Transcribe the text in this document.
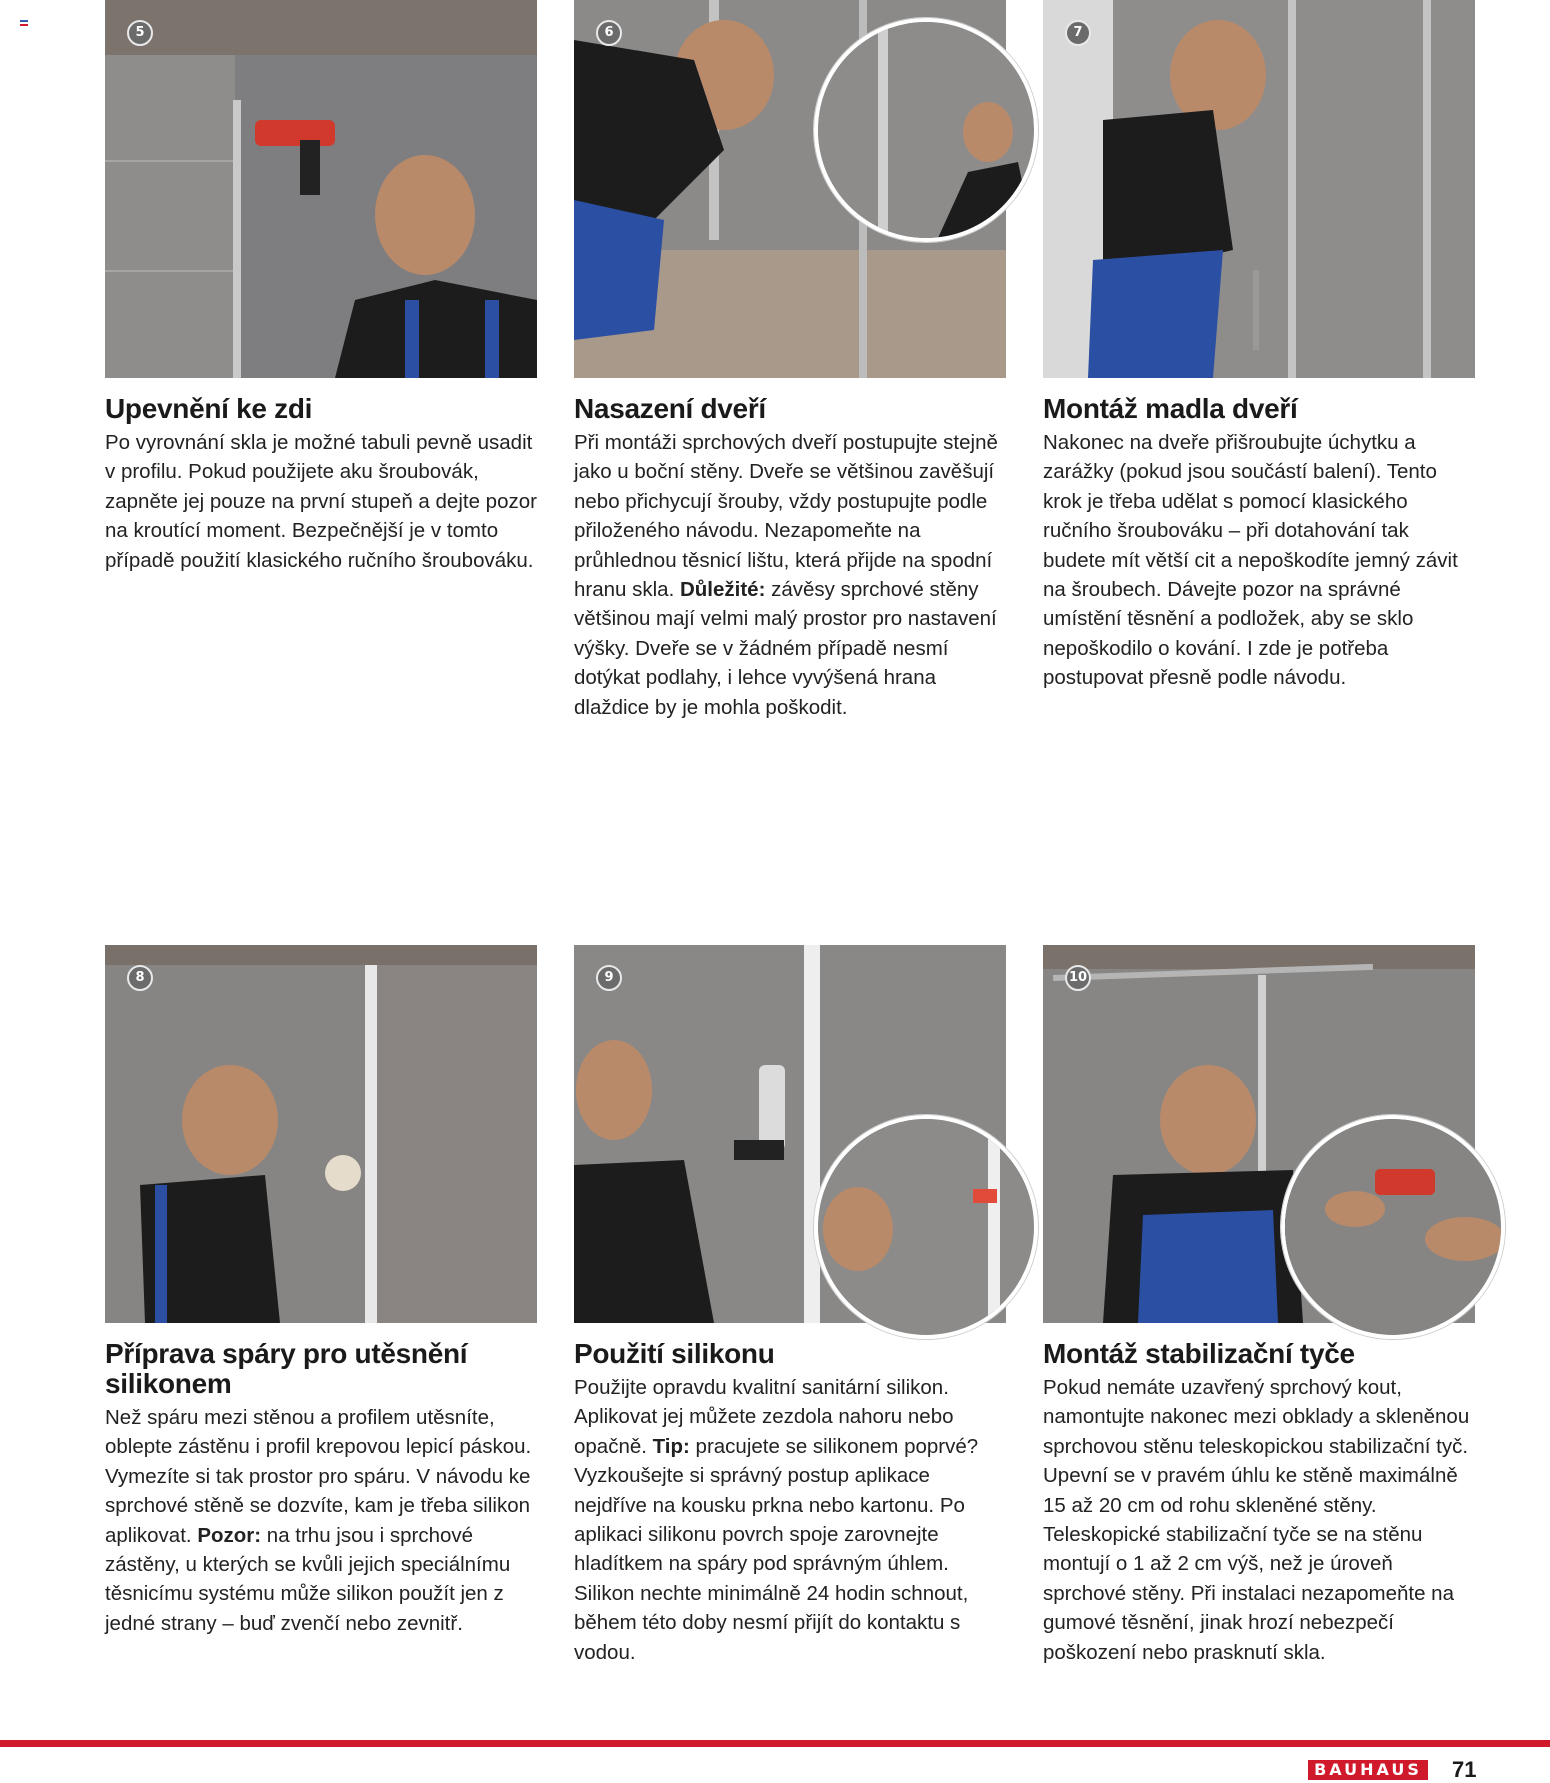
5
Upevnění ke zdi
Po vyrovnání skla je možné tabuli pevně usadit v profilu. Pokud použijete aku šroubovák, zapněte jej pouze na první stupeň a dejte pozor na kroutící moment. Bezpečnější je v tomto případě použití klasického ručního šroubováku.
6
Nasazení dveří
Při montáži sprchových dveří postupujte stejně jako u boční stěny. Dveře se většinou zavěšují nebo přichycují šrouby, vždy postupujte podle přiloženého návodu. Nezapomeňte na průhlednou těsnicí lištu, která přijde na spodní hranu skla. Důležité: závěsy sprchové stěny většinou mají velmi malý prostor pro nastavení výšky. Dveře se v žádném případě nesmí dotýkat podlahy, i lehce vyvýšená hrana dlaždice by je mohla poškodit.
7
Montáž madla dveří
Nakonec na dveře přišroubujte úchytku a zarážky (pokud jsou součástí balení). Tento krok je třeba udělat s pomocí klasického ručního šroubováku – při dotahování tak budete mít větší cit a nepoškodíte jemný závit na šroubech. Dávejte pozor na správné umístění těsnění a podložek, aby se sklo nepoškodilo o kování. I zde je potřeba postupovat přesně podle návodu.
8
Příprava spáry pro utěsnění silikonem
Než spáru mezi stěnou a profilem utěsníte, oblepte zástěnu i profil krepovou lepicí páskou. Vymezíte si tak prostor pro spáru. V návodu ke sprchové stěně se dozvíte, kam je třeba silikon aplikovat. Pozor: na trhu jsou i sprchové zástěny, u kterých se kvůli jejich speciálnímu těsnicímu systému může silikon použít jen z jedné strany – buď zvenčí nebo zevnitř.
9
Použití silikonu
Použijte opravdu kvalitní sanitární silikon. Aplikovat jej můžete zezdola nahoru nebo opačně. Tip: pracujete se silikonem poprvé? Vyzkoušejte si správný postup aplikace nejdříve na kousku prkna nebo kartonu. Po aplikaci silikonu povrch spoje zarovnejte hladítkem na spáry pod správným úhlem. Silikon nechte minimálně 24 hodin schnout, během této doby nesmí přijít do kontaktu s vodou.
10
Montáž stabilizační tyče
Pokud nemáte uzavřený sprchový kout, namontujte nakonec mezi obklady a skleněnou sprchovou stěnu teleskopickou stabilizační tyč. Upevní se v pravém úhlu ke stěně maximálně 15 až 20 cm od rohu skleněné stěny. Teleskopické stabilizační tyče se na stěnu montují o 1 až 2 cm výš, než je úroveň sprchové stěny. Při instalaci nezapomeňte na gumové těsnění, jinak hrozí nebezpečí poškození nebo prasknutí skla.
BAUHAUS 71
